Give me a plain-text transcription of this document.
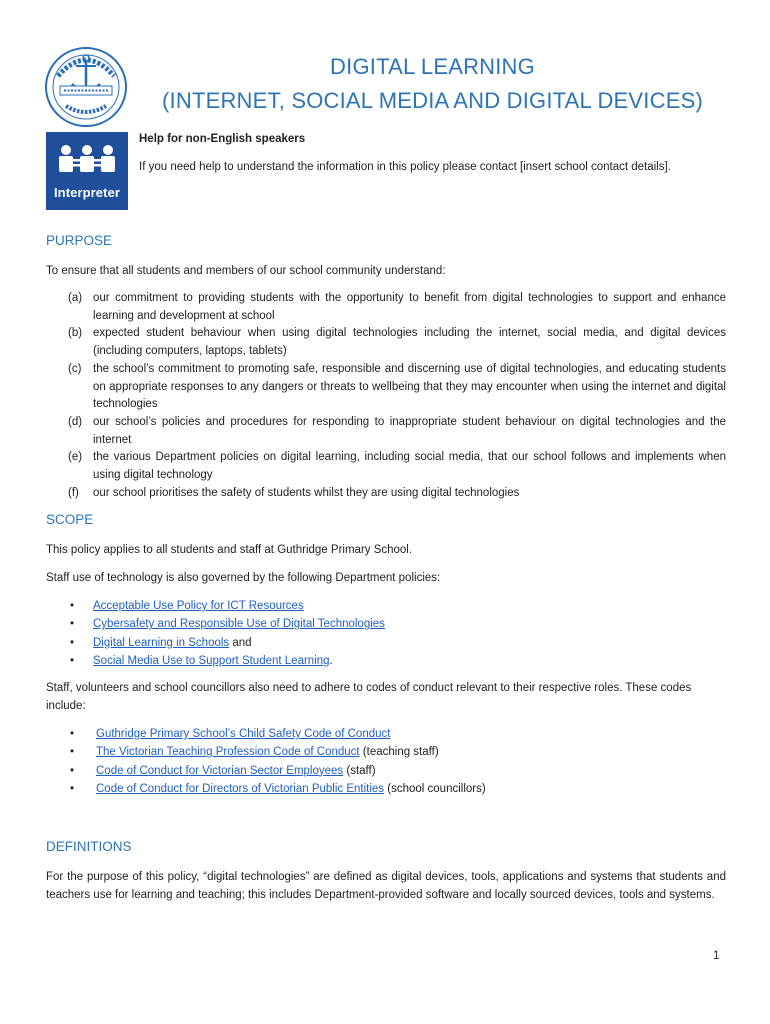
DIGITAL LEARNING
(INTERNET, SOCIAL MEDIA AND DIGITAL DEVICES)
Interpreter
Help for non-English speakers
If you need help to understand the information in this policy please contact [insert school contact details].
PURPOSE
To ensure that all students and members of our school community understand:
(a) our commitment to providing students with the opportunity to benefit from digital technologies to support and enhance learning and development at school
(b) expected student behaviour when using digital technologies including the internet, social media, and digital devices (including computers, laptops, tablets)
(c)	the school’s commitment to promoting safe, responsible and discerning use of digital technologies, and educating students on appropriate responses to any dangers or threats to wellbeing that they may encounter when using the internet and digital technologies
(d) our school’s policies and procedures for responding to inappropriate student behaviour on digital technologies and the internet
(e) the various Department policies on digital learning, including social media, that our school follows and implements when using digital technology
(f)	our school prioritises the safety of students whilst they are using digital technologies
SCOPE
This policy applies to all students and staff at Guthridge Primary School.
Staff use of technology is also governed by the following Department policies:
•	Acceptable Use Policy for ICT Resources
•	Cybersafety and Responsible Use of Digital Technologies
•	Digital Learning in Schools and
•	Social Media Use to Support Student Learning.
Staff, volunteers and school councillors also need to adhere to codes of conduct relevant to their respective roles. These codes include:
•	Guthridge Primary School’s Child Safety Code of Conduct
•	The Victorian Teaching Profession Code of Conduct (teaching staff)
•	Code of Conduct for Victorian Sector Employees (staff)
•	Code of Conduct for Directors of Victorian Public Entities (school councillors)
DEFINITIONS
For the purpose of this policy, “digital technologies” are defined as digital devices, tools, applications and systems that students and teachers use for learning and teaching; this includes Department-provided software and locally sourced devices, tools and systems.
1
